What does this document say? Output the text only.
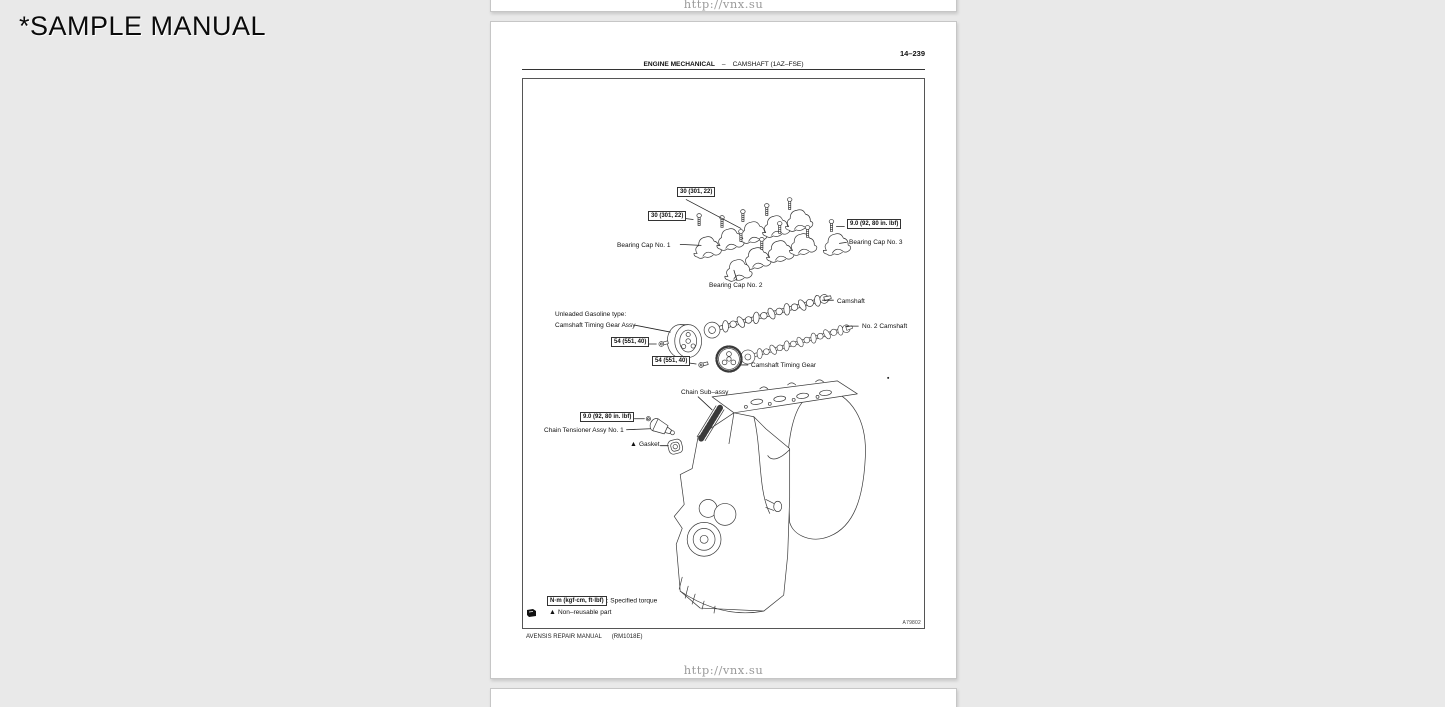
*SAMPLE MANUAL
http://vnx.su
14–239
ENGINE MECHANICAL – CAMSHAFT (1AZ–FSE)
30 (301, 22)
30 (301, 22)
9.0 (92, 80 in. lbf)
54 (551, 40)
54 (551, 40)
9.0 (92, 80 in. lbf)
Bearing Cap No. 1
Bearing Cap No. 2
Bearing Cap No. 3
Camshaft
No. 2 Camshaft
Unleaded Gasoline type:
Camshaft Timing Gear Assy
Camshaft Timing Gear
Chain Sub–assy
Chain Tensioner Assy No. 1
▲ Gasket
N·m (kgf·cm, ft·lbf) : Specified torque
▲ Non–reusable part
A79802
AVENSIS REPAIR MANUAL (RM1018E)
http://vnx.su
